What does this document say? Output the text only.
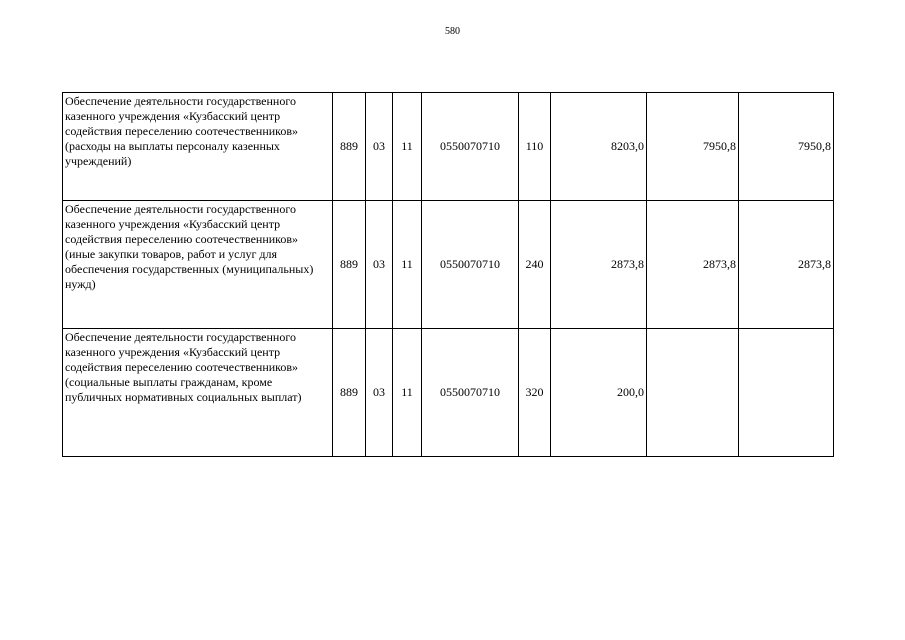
580
Обеспечение деятельности государственного казенного учреждения «Кузбасский центр содействия переселению соотечественников» (расходы на выплаты персоналу казенных учреждений)	889	03	11	0550070710	110	8203,0	7950,8	7950,8
Обеспечение деятельности государственного казенного учреждения «Кузбасский центр содействия переселению соотечественников» (иные закупки товаров, работ и услуг для обеспечения государственных (муниципальных) нужд)	889	03	11	0550070710	240	2873,8	2873,8	2873,8
Обеспечение деятельности государственного казенного учреждения «Кузбасский центр содействия переселению соотечественников» (социальные выплаты гражданам, кроме публичных нормативных социальных выплат)	889	03	11	0550070710	320	200,0		
